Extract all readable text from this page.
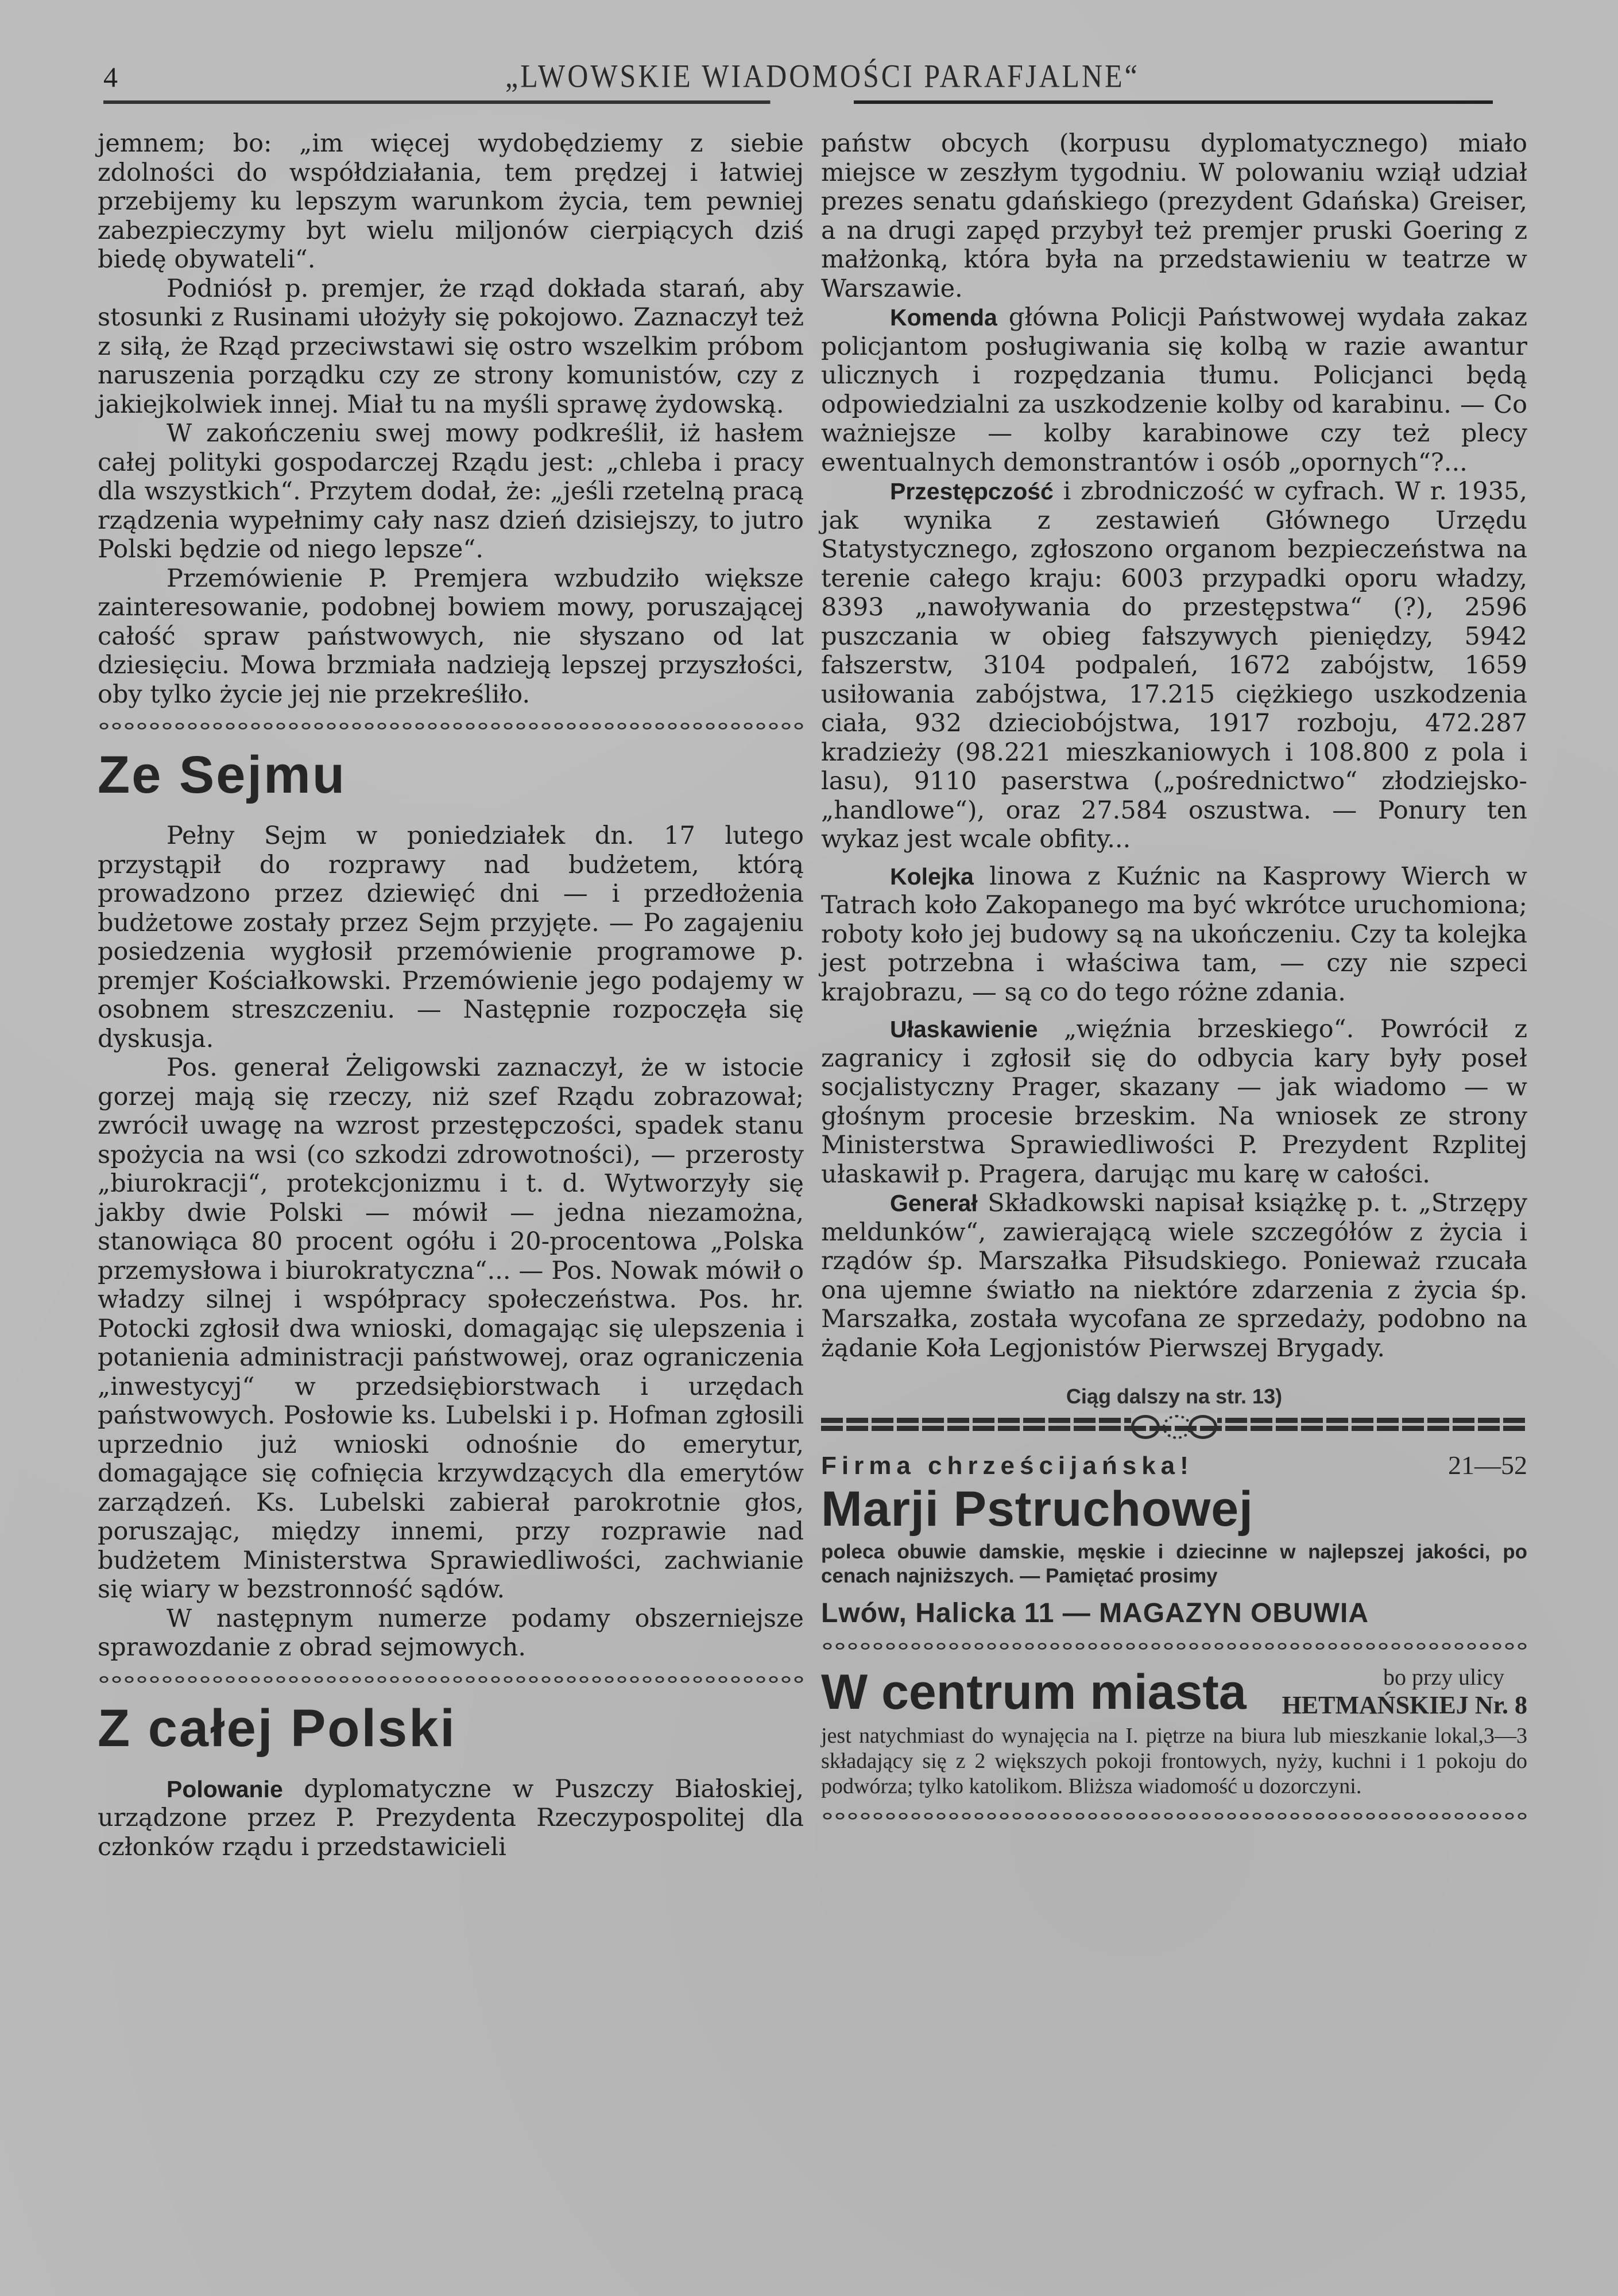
4	„LWOWSKIE WIADOMOŚCI PARAFJALNE“

jemnem; bo: „im więcej wydobędziemy z siebie zdolności do współdziałania, tem prędzej i łatwiej przebijemy ku lepszym warunkom życia, tem pewniej zabezpieczymy byt wielu miljonów cierpiących dziś biedę obywateli“.

Podniósł p. premjer, że rząd dokłada starań, aby stosunki z Rusinami ułożyły się pokojowo. Zaznaczył też z siłą, że Rząd przeciwstawi się ostro wszelkim próbom naruszenia porządku czy ze strony komunistów, czy z jakiejkolwiek innej. Miał tu na myśli sprawę żydowską.

W zakończeniu swej mowy podkreślił, iż hasłem całej polityki gospodarczej Rządu jest: „chleba i pracy dla wszystkich“. Przytem dodał, że: „jeśli rzetelną pracą rządzenia wypełnimy cały nasz dzień dzisiejszy, to jutro Polski będzie od niego lepsze“.

Przemówienie P. Premjera wzbudziło większe zainteresowanie, podobnej bowiem mowy, poruszającej całość spraw państwowych, nie słyszano od lat dziesięciu. Mowa brzmiała nadzieją lepszej przyszłości, oby tylko życie jej nie przekreśliło.

Ze Sejmu

Pełny Sejm w poniedziałek dn. 17 lutego przystąpił do rozprawy nad budżetem, którą prowadzono przez dziewięć dni — i przedłożenia budżetowe zostały przez Sejm przyjęte. — Po zagajeniu posiedzenia wygłosił przemówienie programowe p. premjer Kościałkowski. Przemówienie jego podajemy w osobnem streszczeniu. — Następnie rozpoczęła się dyskusja.

Pos. generał Żeligowski zaznaczył, że w istocie gorzej mają się rzeczy, niż szef Rządu zobrazował; zwrócił uwagę na wzrost przestępczości, spadek stanu spożycia na wsi (co szkodzi zdrowotności), — przerosty „biurokracji“, protekcjonizmu i t. d. Wytworzyły się jakby dwie Polski — mówił — jedna niezamożna, stanowiąca 80 procent ogółu i 20-procentowa „Polska przemysłowa i biurokratyczna“... — Pos. Nowak mówił o władzy silnej i współpracy społeczeństwa. Pos. hr. Potocki zgłosił dwa wnioski, domagając się ulepszenia i potanienia administracji państwowej, oraz ograniczenia „inwestycyj“ w przedsiębiorstwach i urzędach państwowych. Posłowie ks. Lubelski i p. Hofman zgłosili uprzednio już wnioski odnośnie do emerytur, domagające się cofnięcia krzywdzących dla emerytów zarządzeń. Ks. Lubelski zabierał parokrotnie głos, poruszając, między innemi, przy rozprawie nad budżetem Ministerstwa Sprawiedliwości, zachwianie się wiary w bezstronność sądów.

W następnym numerze podamy obszerniejsze sprawozdanie z obrad sejmowych.

Z całej Polski

Polowanie dyplomatyczne w Puszczy Białoskiej, urządzone przez P. Prezydenta Rzeczypospolitej dla członków rządu i przedstawicieli

państw obcych (korpusu dyplomatycznego) miało miejsce w zeszłym tygodniu. W polowaniu wziął udział prezes senatu gdańskiego (prezydent Gdańska) Greiser, a na drugi zapęd przybył też premjer pruski Goering z małżonką, która była na przedstawieniu w teatrze w Warszawie.

Komenda główna Policji Państwowej wydała zakaz policjantom posługiwania się kolbą w razie awantur ulicznych i rozpędzania tłumu. Policjanci będą odpowiedzialni za uszkodzenie kolby od karabinu. — Co ważniejsze — kolby karabinowe czy też plecy ewentualnych demonstrantów i osób „opornych“?...

Przestępczość i zbrodniczość w cyfrach. W r. 1935, jak wynika z zestawień Głównego Urzędu Statystycznego, zgłoszono organom bezpieczeństwa na terenie całego kraju: 6003 przypadki oporu władzy, 8393 „nawoływania do przestępstwa“ (?), 2596 puszczania w obieg fałszywych pieniędzy, 5942 fałszerstw, 3104 podpaleń, 1672 zabójstw, 1659 usiłowania zabójstwa, 17.215 ciężkiego uszkodzenia ciała, 932 dzieciobójstwa, 1917 rozboju, 472.287 kradzieży (98.221 mieszkaniowych i 108.800 z pola i lasu), 9110 paserstwa („pośrednictwo“ złodziejsko-„handlowe“), oraz 27.584 oszustwa. — Ponury ten wykaz jest wcale obfity...

Kolejka linowa z Kuźnic na Kasprowy Wierch w Tatrach koło Zakopanego ma być wkrótce uruchomiona; roboty koło jej budowy są na ukończeniu. Czy ta kolejka jest potrzebna i właściwa tam, — czy nie szpeci krajobrazu, — są co do tego różne zdania.

Ułaskawienie „więźnia brzeskiego“. Powrócił z zagranicy i zgłosił się do odbycia kary były poseł socjalistyczny Prager, skazany — jak wiadomo — w głośnym procesie brzeskim. Na wniosek ze strony Ministerstwa Sprawiedliwości P. Prezydent Rzplitej ułaskawił p. Pragera, darując mu karę w całości.

Generał Składkowski napisał książkę p. t. „Strzępy meldunków“, zawierającą wiele szczegółów z życia i rządów śp. Marszałka Piłsudskiego. Ponieważ rzucała ona ujemne światło na niektóre zdarzenia z życia śp. Marszałka, została wycofana ze sprzedaży, podobno na żądanie Koła Legjonistów Pierwszej Brygady.

Ciąg dalszy na str. 13)
Firma chrześcijańska!	21—52
Marji Pstruchowej
poleca obuwie damskie, męskie i dziecinne w najlepszej jakości, po cenach najniższych. — Pamiętać prosimy
Lwów, Halicka 11 — MAGAZYN OBUWIA
W centrum miasta	bo przy ulicy
HETMAŃSKIEJ Nr. 8
3—3
jest natychmiast do wynajęcia na I. piętrze na biura lub mieszkanie lokal, składający się z 2 większych pokoji frontowych, nyży, kuchni i 1 pokoju do podwórza; tylko katolikom. Bliższa wiadomość u dozorczyni.
